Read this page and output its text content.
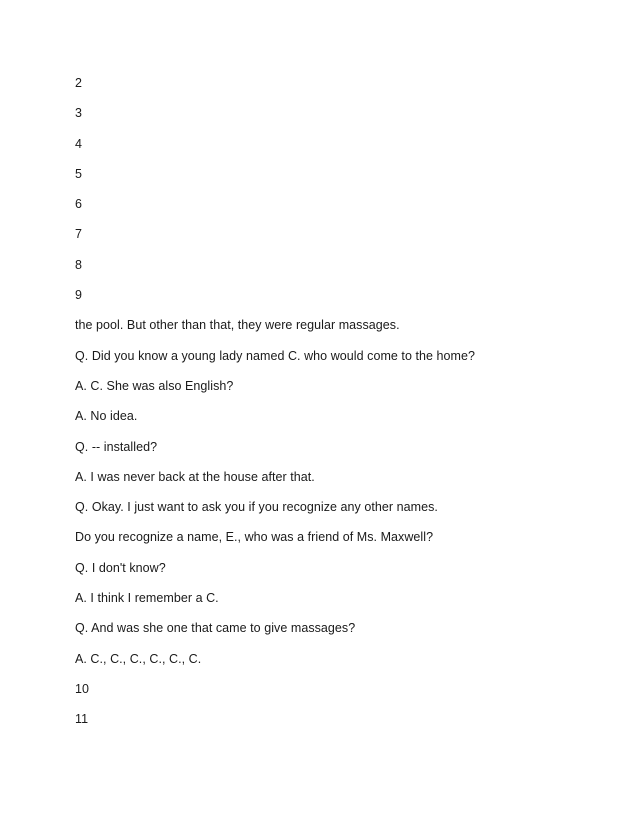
2
3
4
5
6
7
8
9
the pool. But other than that, they were regular massages.
Q. Did you know a young lady named C. who would come to the home?
A. C. She was also English?
A. No idea.
Q. -- installed?
A. I was never back at the house after that.
Q. Okay. I just want to ask you if you recognize any other names.
Do you recognize a name, E., who was a friend of Ms. Maxwell?
Q. I don't know?
A. I think I remember a C.
Q. And was she one that came to give massages?
A. C., C., C., C., C., C.
10
11
